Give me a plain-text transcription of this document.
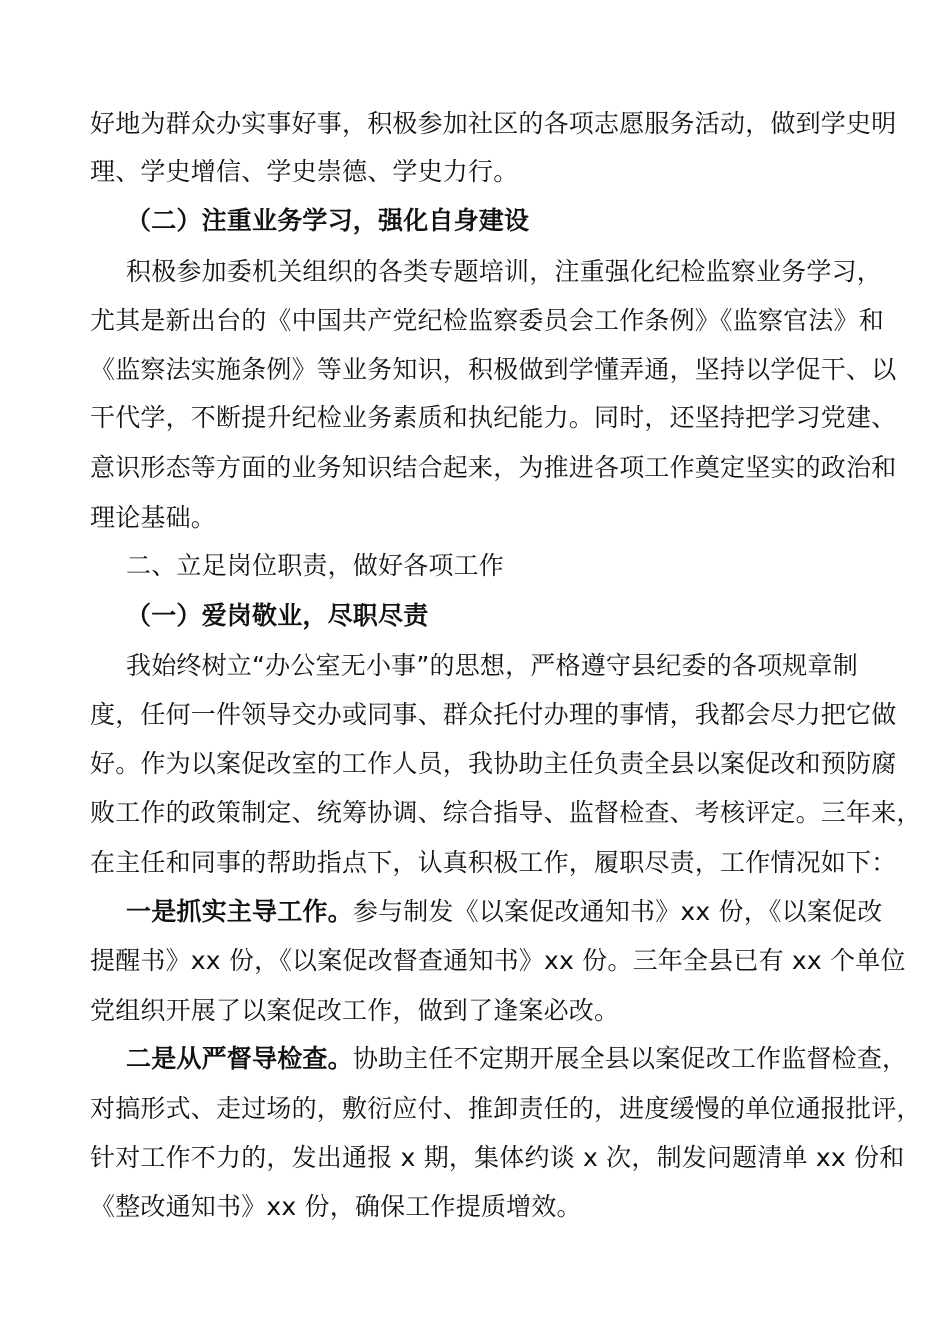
好地为群众办实事好事，积极参加社区的各项志愿服务活动，做到学史明
理、学史增信、学史崇德、学史力行。
（二）注重业务学习，强化自身建设
积极参加委机关组织的各类专题培训，注重强化纪检监察业务学习，
尤其是新出台的《中国共产党纪检监察委员会工作条例》《监察官法》和
《监察法实施条例》等业务知识，积极做到学懂弄通，坚持以学促干、以
干代学，不断提升纪检业务素质和执纪能力。同时，还坚持把学习党建、
意识形态等方面的业务知识结合起来，为推进各项工作奠定坚实的政治和
理论基础。
二、立足岗位职责，做好各项工作
（一）爱岗敬业，尽职尽责
我始终树立“办公室无小事”的思想，严格遵守县纪委的各项规章制
度，任何一件领导交办或同事、群众托付办理的事情，我都会尽力把它做
好。作为以案促改室的工作人员，我协助主任负责全县以案促改和预防腐
败工作的政策制定、统筹协调、综合指导、监督检查、考核评定。三年来，
在主任和同事的帮助指点下，认真积极工作，履职尽责，工作情况如下：
一是抓实主导工作。参与制发《以案促改通知书》xx 份，《以案促改
提醒书》xx 份，《以案促改督查通知书》xx 份。三年全县已有 xx 个单位
党组织开展了以案促改工作，做到了逢案必改。
二是从严督导检查。协助主任不定期开展全县以案促改工作监督检查，
对搞形式、走过场的，敷衍应付、推卸责任的，进度缓慢的单位通报批评，
针对工作不力的，发出通报 x 期，集体约谈 x 次，制发问题清单 xx 份和
《整改通知书》xx 份，确保工作提质增效。
